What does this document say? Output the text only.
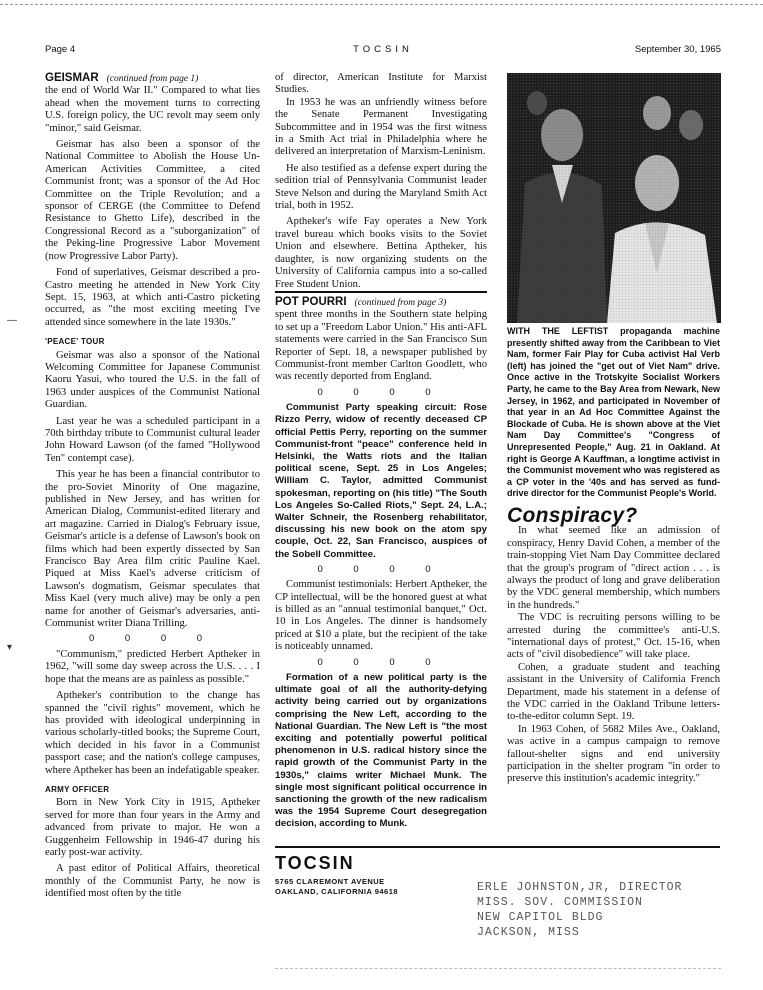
Page 4	TOCSIN	September 30, 1965
—
▾

GEISMAR (continued from page 1)

the end of World War II." Compared to what lies ahead when the movement turns to correcting U.S. foreign policy, the UC revolt may seem only "minor," said Geismar.

Geismar has also been a sponsor of the National Committee to Abolish the House Un-American Activities Committee, a cited Communist front; was a sponsor of the Ad Hoc Committee on the Triple Revolution; and a sponsor of CERGE (the Committee to Defend Resistance to Ghetto Life), described in the Congressional Record as a "suborganization" of the Peking-line Progressive Labor Movement (now Progressive Labor Party).

Fond of superlatives, Geismar described a pro-Castro meeting he attended in New York City Sept. 15, 1963, at which anti-Castro picketing occurred, as "the most exciting meeting I've attended since somewhere in the late 1930s."

'PEACE' TOUR

Geismar was also a sponsor of the National Welcoming Committee for Japanese Communist Kaoru Yasui, who toured the U.S. in the fall of 1963 under auspices of the Communist National Guardian.

Last year he was a scheduled participant in a 70th birthday tribute to Communist cultural leader John Howard Lawson (of the famed "Hollywood Ten" contempt case).

This year he has been a financial contributor to the pro-Soviet Minority of One magazine, published in New Jersey, and has written for American Dialog, Communist-edited literary and art magazine. Carried in Dialog's February issue, Geismar's article is a defense of Lawson's book on films which had been expertly dissected by San Francisco Bay Area film critic Pauline Kael. Piqued at Miss Kael's adverse criticism of Lawson's dogmatism, Geismar speculates that Miss Kael (very much alive) may be only a pen name for another of Geismar's adversaries, anti-Communist writer Diana Trilling.

0 0 0 0

"Communism," predicted Herbert Aptheker in 1962, "will some day sweep across the U.S. . . . I hope that the means are as painless as possible."

Aptheker's contribution to the change has spanned the "civil rights" movement, which he has provided with ideological underpinning in various scholarly-titled books; the Supreme Court, which decided in his favor in a Communist passport case; and the nation's college campuses, where Aptheker has been an indefatigable speaker.

ARMY OFFICER

Born in New York City in 1915, Aptheker served for more than four years in the Army and advanced from private to major. He won a Guggenheim Fellowship in 1946-47 during his early post-war activity.

A past editor of Political Affairs, theoretical monthly of the Communist Party, he now is identified most often by the title

of director, American Institute for Marxist Studies.

In 1953 he was an unfriendly witness before the Senate Permanent Investigating Subcommittee and in 1954 was the first witness in a Smith Act trial in Philadelphia where he delivered an interpretation of Marxism-Leninism.

He also testified as a defense expert during the sedition trial of Pennsylvania Communist leader Steve Nelson and during the Maryland Smith Act trial, both in 1952.

Aptheker's wife Fay operates a New York travel bureau which books visits to the Soviet Union and elsewhere. Bettina Aptheker, his daughter, is now organizing students on the University of California campus into a so-called Free Student Union.

POT POURRI (continued from page 3)

spent three months in the Southern state helping to set up a "Freedom Labor Union." His anti-AFL statements were carried in the San Francisco Sun Reporter of Sept. 18, a newspaper published by Communist-front member Carlton Goodlett, who was recently deported from England.

0 0 0 0

Communist Party speaking circuit: Rose Rizzo Perry, widow of recently deceased CP official Pettis Perry, reporting on the summer Communist-front "peace" conference held in Helsinki, the Watts riots and the Italian political scene, Sept. 25 in Los Angeles; William C. Taylor, admitted Communist spokesman, reporting on (his title) "The South Los Angeles So-Called Riots," Sept. 24, L.A.; Walter Schneir, the Rosenberg rehabilitator, discussing his new book on the atom spy couple, Oct. 22, San Francisco, auspices of the Sobell Committee.

0 0 0 0

Communist testimonials: Herbert Aptheker, the CP intellectual, will be the honored guest at what is billed as an "annual testimonial banquet," Oct. 10 in Los Angeles. The dinner is handsomely priced at $10 a plate, but the recipient of the take is noticeably unnamed.

0 0 0 0

Formation of a new political party is the ultimate goal of all the authority-defying activity being carried out by organizations comprising the New Left, according to the National Guardian. The New Left is "the most exciting and potentially powerful political phenomenon in U.S. radical history since the rapid growth of the Communist Party in the 1930s," claims writer Michael Munk. The single most significant political occurrence in sanctioning the growth of the new radicalism was the 1954 Supreme Court desegregation decision, according to Munk.

WITH THE LEFTIST propaganda machine presently shifted away from the Caribbean to Viet Nam, former Fair Play for Cuba activist Hal Verb (left) has joined the "get out of Viet Nam" drive. Once active in the Trotskyite Socialist Workers Party, he came to the Bay Area from Newark, New Jersey, in 1962, and participated in November of that year in an Ad Hoc Committee Against the Blockade of Cuba. He is shown above at the Viet Nam Day Committee's "Congress of Unrepresented People," Aug. 21 in Oakland. At right is George A Kauffman, a longtime activist in the Communist movement who was registered as a CP voter in the '40s and has served as fund-drive director for the Communist People's World.
Conspiracy?

In what seemed like an admission of conspiracy, Henry David Cohen, a member of the train-stopping Viet Nam Day Committee declared that the group's program of "direct action . . . is always the product of long and grave deliberation by the VDC general membership, which numbers in the hundreds."

The VDC is recruiting persons willing to be arrested during the committee's anti-U.S. "international days of protest," Oct. 15-16, when acts of "civil disobedience" will take place.

Cohen, a graduate student and teaching assistant in the University of California French Department, made his statement in a defense of the VDC carried in the Oakland Tribune letters-to-the-editor column Sept. 19.

In 1963 Cohen, of 5682 Miles Ave., Oakland, was active in a campus campaign to remove fallout-shelter signs and end university participation in the shelter program "in order to preserve this institution's academic integrity."

TOCSIN
5765 CLAREMONT AVENUE
OAKLAND, CALIFORNIA 94618	ERLE JOHNSTON,JR, DIRECTOR
MISS. SOV. COMMISSION
NEW CAPITOL BLDG
JACKSON, MISS
